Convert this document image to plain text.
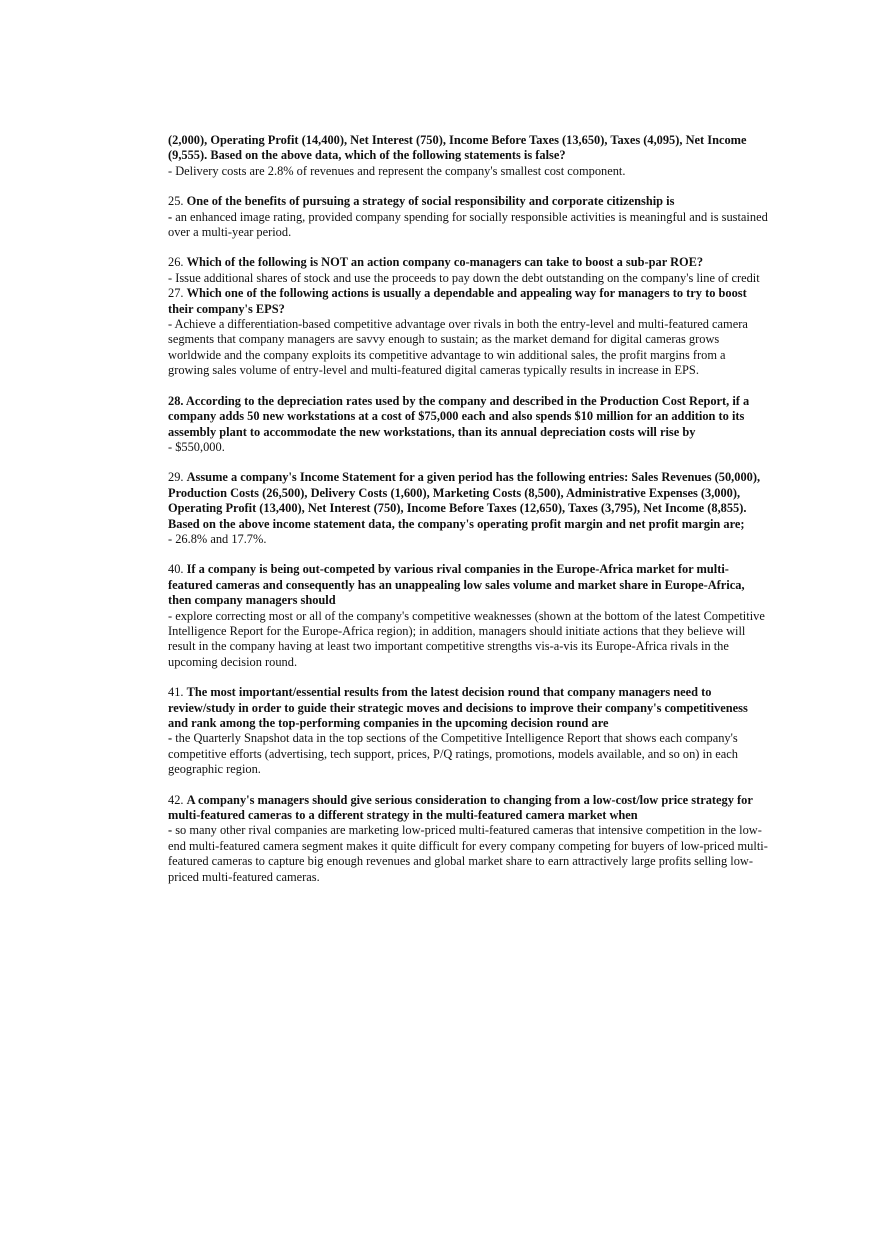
(2,000), Operating Profit (14,400), Net Interest (750), Income Before Taxes (13,650), Taxes (4,095), Net Income (9,555). Based on the above data, which of the following statements is false?
- Delivery costs are 2.8% of revenues and represent the company's smallest cost component.

25. One of the benefits of pursuing a strategy of social responsibility and corporate citizenship is
- an enhanced image rating, provided company spending for socially responsible activities is meaningful and is sustained over a multi-year period.

26. Which of the following is NOT an action company co-managers can take to boost a sub-par ROE?
- Issue additional shares of stock and use the proceeds to pay down the debt outstanding on the company's line of credit

27. Which one of the following actions is usually a dependable and appealing way for managers to try to boost their company's EPS?
- Achieve a differentiation-based competitive advantage over rivals in both the entry-level and multi-featured camera segments that company managers are savvy enough to sustain; as the market demand for digital cameras grows worldwide and the company exploits its competitive advantage to win additional sales, the profit margins from a growing sales volume of entry-level and multi-featured digital cameras typically results in increase in EPS.

28. According to the depreciation rates used by the company and described in the Production Cost Report, if a company adds 50 new workstations at a cost of $75,000 each and also spends $10 million for an addition to its assembly plant to accommodate the new workstations, than its annual depreciation costs will rise by
- $550,000.

29. Assume a company's Income Statement for a given period has the following entries: Sales Revenues (50,000), Production Costs (26,500), Delivery Costs (1,600), Marketing Costs (8,500), Administrative Expenses (3,000), Operating Profit (13,400), Net Interest (750), Income Before Taxes (12,650), Taxes (3,795), Net Income (8,855). Based on the above income statement data, the company's operating profit margin and net profit margin are;
- 26.8% and 17.7%.

40. If a company is being out-competed by various rival companies in the Europe-Africa market for multi-featured cameras and consequently has an unappealing low sales volume and market share in Europe-Africa, then company managers should
- explore correcting most or all of the company's competitive weaknesses (shown at the bottom of the latest Competitive Intelligence Report for the Europe-Africa region); in addition, managers should initiate actions that they believe will result in the company having at least two important competitive strengths vis-a-vis its Europe-Africa rivals in the upcoming decision round.

41. The most important/essential results from the latest decision round that company managers need to review/study in order to guide their strategic moves and decisions to improve their company's competitiveness and rank among the top-performing companies in the upcoming decision round are
- the Quarterly Snapshot data in the top sections of the Competitive Intelligence Report that shows each company's competitive efforts (advertising, tech support, prices, P/Q ratings, promotions, models available, and so on) in each geographic region.

42. A company's managers should give serious consideration to changing from a low-cost/low price strategy for multi-featured cameras to a different strategy in the multi-featured camera market when
- so many other rival companies are marketing low-priced multi-featured cameras that intensive competition in the low-end multi-featured camera segment makes it quite difficult for every company competing for buyers of low-priced multi-featured cameras to capture big enough revenues and global market share to earn attractively large profits selling low-priced multi-featured cameras.
